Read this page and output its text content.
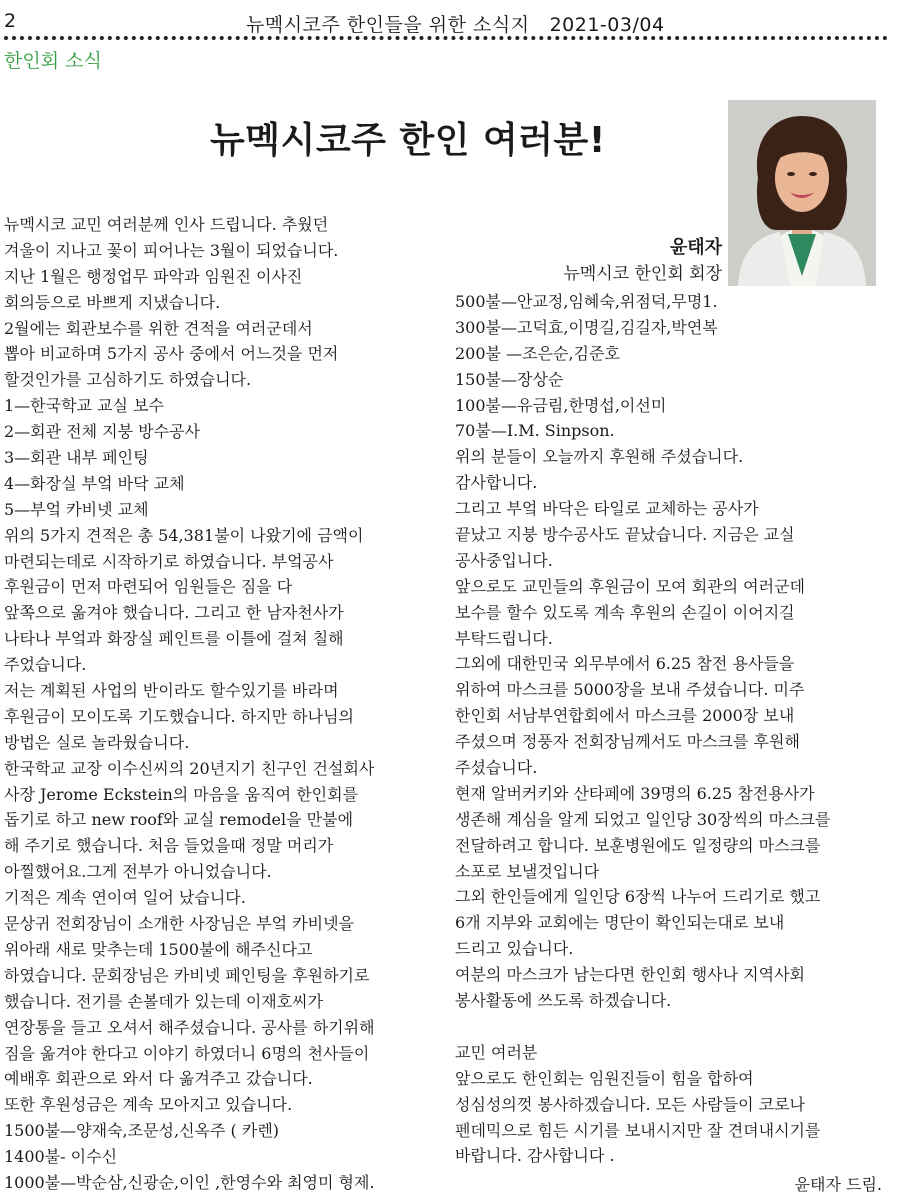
2	뉴멕시코주 한인들을 위한 소식지 2021-03/04
한인회 소식
뉴멕시코주 한인 여러분!
윤태자
뉴멕시코 한인회 회장
뉴멕시코 교민 여러분께 인사 드립니다. 추웠던
겨울이 지나고 꽃이 피어나는 3월이 되었습니다.
지난 1월은 행정업무 파악과 임원진 이사진
회의등으로 바쁘게 지냈습니다.
2월에는 회관보수를 위한 견적을 여러군데서
뽑아 비교하며 5가지 공사 중에서 어느것을 먼저
할것인가를 고심하기도 하였습니다.
1—한국학교 교실 보수
2—회관 전체 지붕 방수공사
3—회관 내부 페인팅
4—화장실 부엌 바닥 교체
5—부엌 카비넷 교체
위의 5가지 견적은 총 54,381불이 나왔기에 금액이
마련되는데로 시작하기로 하였습니다. 부엌공사
후원금이 먼저 마련되어 임원들은 짐을 다
앞쪽으로 옮겨야 했습니다. 그리고 한 남자천사가
나타나 부엌과 화장실 페인트를 이틀에 걸쳐 칠해
주었습니다.
저는 계획된 사업의 반이라도 할수있기를 바라며
후원금이 모이도록 기도했습니다. 하지만 하나님의
방법은 실로 놀라웠습니다.
한국학교 교장 이수신씨의 20년지기 친구인 건설회사
사장 Jerome Eckstein의 마음을 움직여 한인회를
돕기로 하고 new roof와 교실 remodel을 만불에
해 주기로 했습니다. 처음 들었을때 정말 머리가
아찔했어요.그게 전부가 아니었습니다.
기적은 계속 연이여 일어 났습니다.
문상귀 전회장님이 소개한 사장님은 부엌 카비넷을
위아래 새로 맞추는데 1500불에 해주신다고
하였습니다. 문회장님은 카비넷 페인팅을 후원하기로
했습니다. 전기를 손볼데가 있는데 이재호씨가
연장통을 들고 오셔서 해주셨습니다. 공사를 하기위해
짐을 옮겨야 한다고 이야기 하였더니 6명의 천사들이
예배후 회관으로 와서 다 옮겨주고 갔습니다.
또한 후원성금은 계속 모아지고 있습니다.
1500불—양재숙,조문성,신옥주 ( 카렌)
1400불- 이수신
1000불—박순삼,신광순,이인 ,한영수와 최영미 형제.
500불—안교정,임혜숙,위점덕,무명1.
300불—고덕효,이명길,김길자,박연복
200불 —조은순,김준호
150불—장상순
100불—유금림,한명섭,이선미
70불—I.M. Sinpson.
위의 분들이 오늘까지 후원해 주셨습니다.
감사합니다.
그리고 부엌 바닥은 타일로 교체하는 공사가
끝났고 지붕 방수공사도 끝났습니다. 지금은 교실
공사중입니다.
앞으로도 교민들의 후원금이 모여 회관의 여러군데
보수를 할수 있도록 계속 후원의 손길이 이어지길
부탁드립니다.
그외에 대한민국 외무부에서 6.25 참전 용사들을
위하여 마스크를 5000장을 보내 주셨습니다. 미주
한인회 서남부연합회에서 마스크를 2000장 보내
주셨으며 정풍자 전회장님께서도 마스크를 후원해
주셨습니다.
현재 알버커키와 산타페에 39명의 6.25 참전용사가
생존해 계심을 알게 되었고 일인당 30장씩의 마스크를
전달하려고 합니다. 보훈병원에도 일정량의 마스크를
소포로 보낼것입니다
그외 한인들에게 일인당 6장씩 나누어 드리기로 했고
6개 지부와 교회에는 명단이 확인되는대로 보내
드리고 있습니다.
여분의 마스크가 남는다면 한인회 행사나 지역사회
봉사활동에 쓰도록 하겠습니다.
교민 여러분
앞으로도 한인회는 임원진들이 힘을 합하여
성심성의껏 봉사하겠습니다. 모든 사람들이 코로나
펜데믹으로 힘든 시기를 보내시지만 잘 견뎌내시기를
바랍니다. 감사합니다 .
윤태자 드림.
